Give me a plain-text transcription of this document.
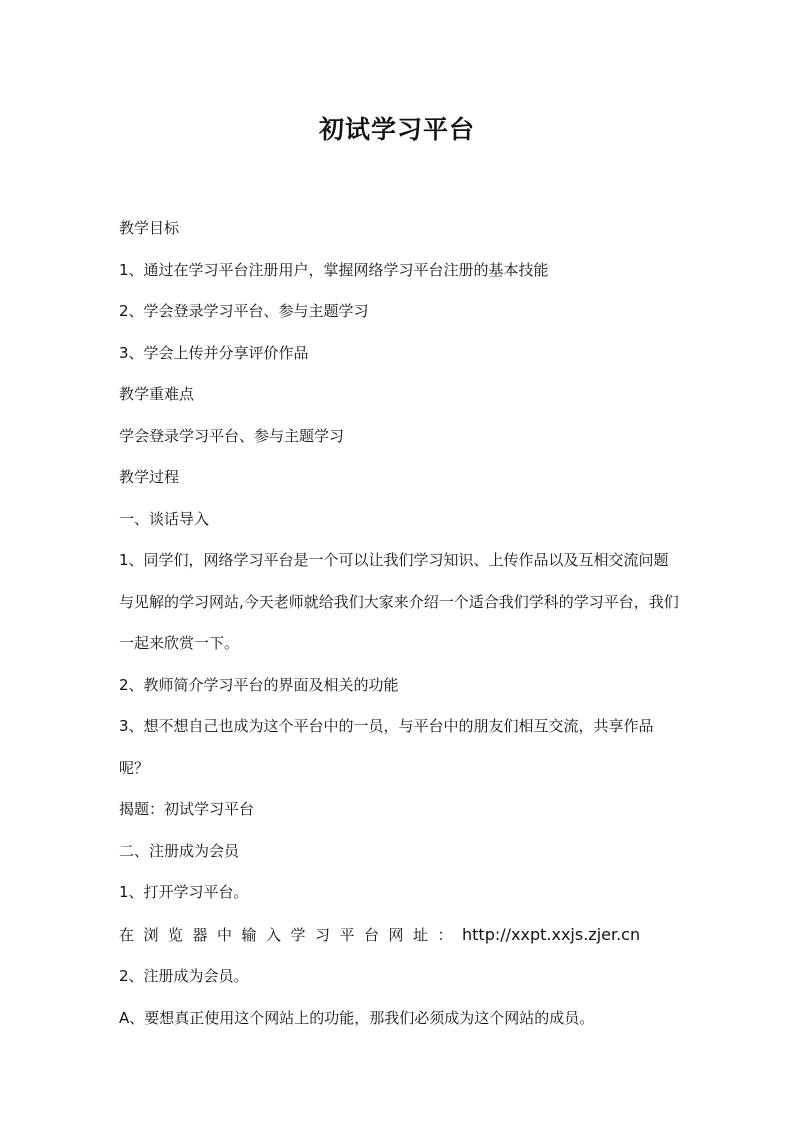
初试学习平台

教学目标

1、通过在学习平台注册用户，掌握网络学习平台注册的基本技能

2、学会登录学习平台、参与主题学习

3、学会上传并分享评价作品

教学重难点

学会登录学习平台、参与主题学习

教学过程

一、谈话导入

1、同学们，网络学习平台是一个可以让我们学习知识、上传作品以及互相交流问题与见解的学习网站,今天老师就给我们大家来介绍一个适合我们学科的学习平台，我们一起来欣赏一下。

2、教师简介学习平台的界面及相关的功能

3、想不想自己也成为这个平台中的一员，与平台中的朋友们相互交流，共享作品呢？

揭题：初试学习平台

二、注册成为会员

1、打开学习平台。

在浏览器中输入学习平台网址：http://xxpt.xxjs.zjer.cn

2、注册成为会员。

A、要想真正使用这个网站上的功能，那我们必须成为这个网站的成员。
